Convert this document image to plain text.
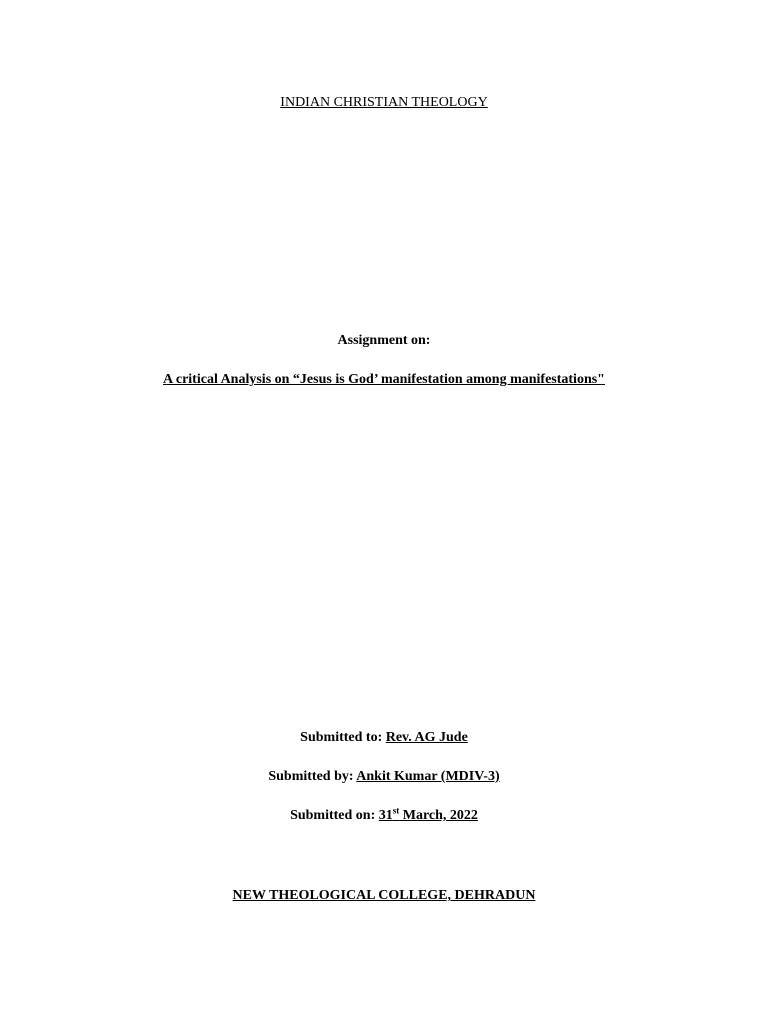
INDIAN CHRISTIAN THEOLOGY
Assignment on:
A critical Analysis on “Jesus is God’ manifestation among manifestations"
Submitted to: Rev. AG Jude
Submitted by: Ankit Kumar (MDIV-3)
Submitted on: 31st March, 2022
NEW THEOLOGICAL COLLEGE, DEHRADUN
